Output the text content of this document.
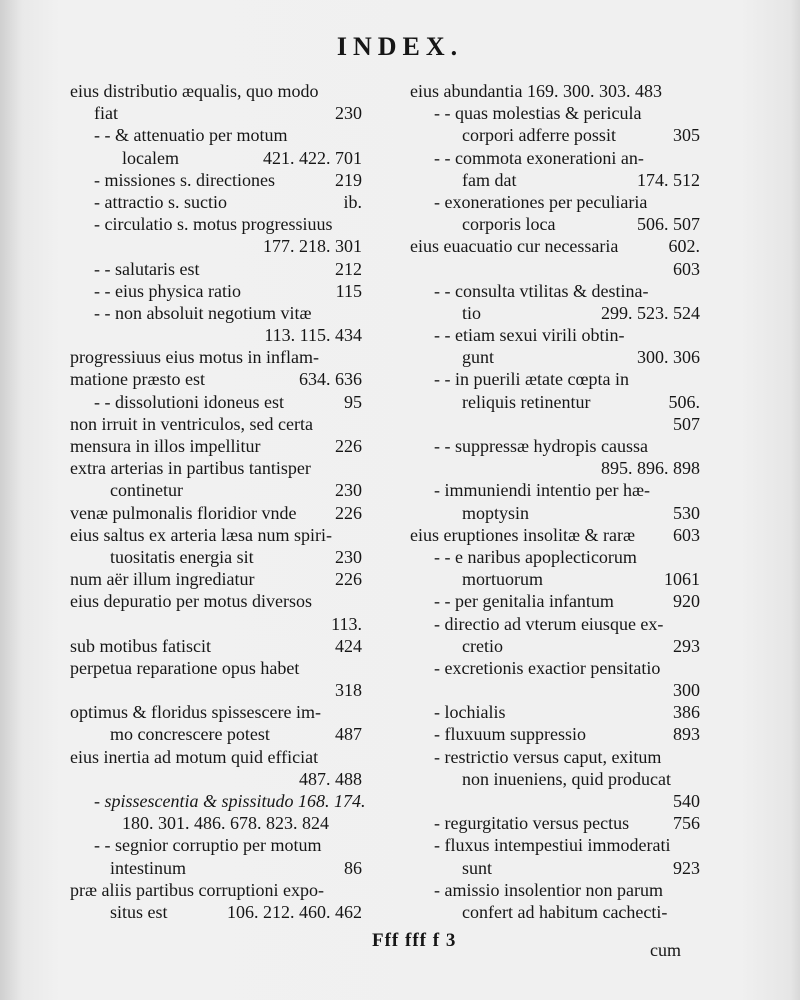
INDEX.
eius distributio æqualis, quo modo
fiat	230
- - & attenuatio per motum
localem	421. 422. 701
- missiones s. directiones	219
- attractio s. suctio	ib.
- circulatio s. motus progressiuus
177. 218. 301
- - salutaris est	212
- - eius physica ratio	115
- - non absoluit negotium vitæ
113. 115. 434
progressiuus eius motus in inflam-
matione præsto est	634. 636
- - dissolutioni idoneus est	95
non irruit in ventriculos, sed certa
mensura in illos impellitur	226
extra arterias in partibus tantisper
continetur	230
venæ pulmonalis floridior vnde 226
eius saltus ex arteria læsa num spiri-
tuositatis energia sit	230
num aër illum ingrediatur	226
eius depuratio per motus diversos
113.
sub motibus fatiscit	424
perpetua reparatione opus habet
318
optimus & floridus spissescere im-
mo concrescere potest	487
eius inertia ad motum quid efficiat
487. 488
- spissescentia & spissitudo 168. 174.
180. 301. 486. 678. 823. 824
- - segnior corruptio per motum
intestinum	86
præ aliis partibus corruptioni expo-
situs est	106. 212. 460. 462
eius abundantia 169. 300. 303. 483
- - quas molestias & pericula
corpori adferre possit	305
- - commota exonerationi an-
fam dat	174. 512
- exonerationes per peculiaria
corporis loca	506. 507
eius euacuatio cur necessaria	602.
603
- - consulta vtilitas & destina-
tio	299. 523. 524
- - etiam sexui virili obtin-
gunt	300. 306
- - in puerili ætate cœpta in
reliquis retinentur	506.
507
- - suppressæ hydropis caussa
895. 896. 898
- immuniendi intentio per hæ-
moptysin	530
eius eruptiones insolitæ & raræ 603
- - e naribus apoplecticorum
mortuorum	1061
- - per genitalia infantum	920
- directio ad vterum eiusque ex-
cretio	293
- excretionis exactior pensitatio
300
- lochialis	386
- fluxuum suppressio	893
- restrictio versus caput, exitum
non inueniens, quid producat
540
- regurgitatio versus pectus 756
- fluxus intempestiui immoderati
sunt	923
- amissio insolentior non parum
confert ad habitum cachecti-
Fff fff f 3	cum
